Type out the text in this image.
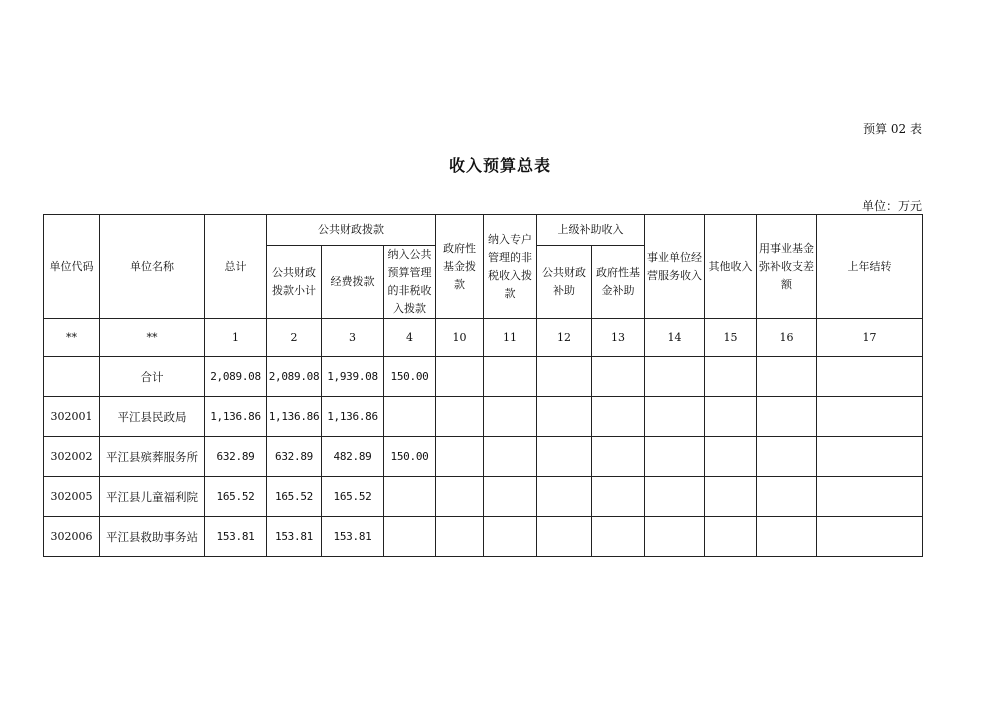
预算 02 表
收入预算总表
单位：万元
单位代码	单位名称	总计	公共财政拨款			政府性基金拨款	纳入专户管理的非税收入拨款	上级补助收入		事业单位经营服务收入	其他收入	用事业基金弥补收支差额	上年结转
			公共财政拨款小计	经费拨款	纳入公共预算管理的非税收入拨款								
								公共财政补助	政府性基金补助				
**	**	1	2	3	4	10	11	12	13	14	15	16	17
	合计	2,089.08	2,089.08	1,939.08	150.00								
302001	平江县民政局	1,136.86	1,136.86	1,136.86									
302002	平江县殡葬服务所	632.89	632.89	482.89	150.00								
302005	平江县儿童福利院	165.52	165.52	165.52									
302006	平江县救助事务站	153.81	153.81	153.81									
